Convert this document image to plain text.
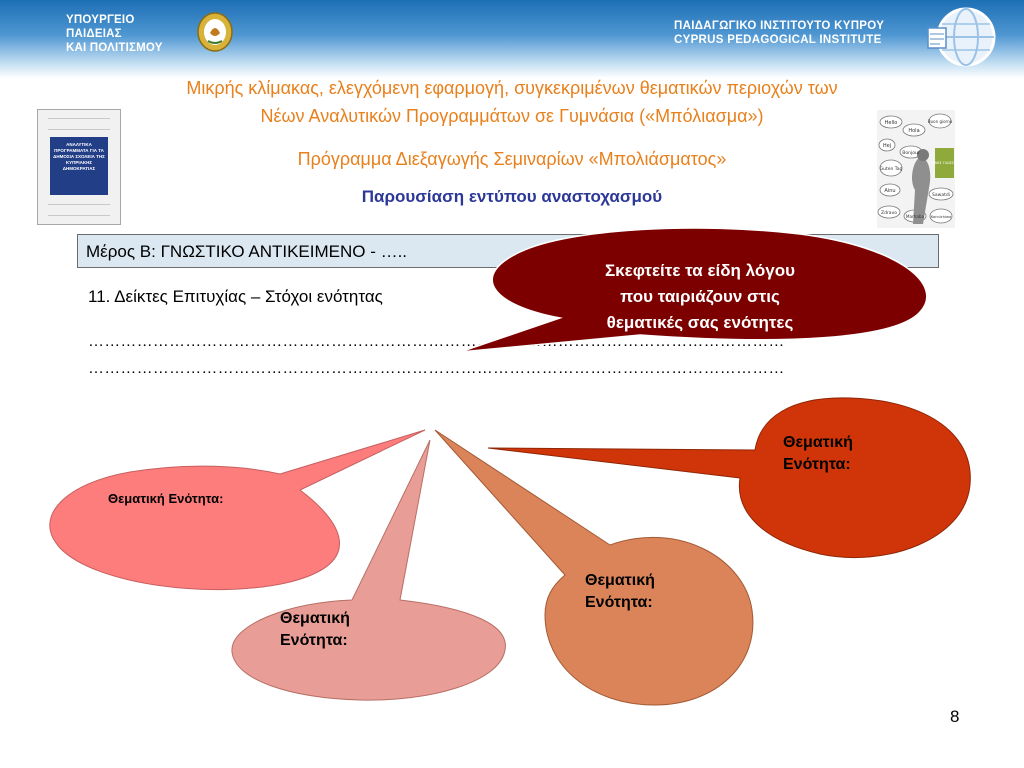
ΥΠΟΥΡΓΕΙΟ ΠΑΙΔΕΙΑΣ
ΚΑΙ ΠΟΛΙΤΙΣΜΟΥ
ΠΑΙΔΑΓΩΓΙΚΟ ΙΝΣΤΙΤΟΥΤΟ ΚΥΠΡΟΥ
CYPRUS PEDAGOGICAL INSTITUTE
Μικρής κλίμακας, ελεγχόμενη εφαρμογή, συγκεκριμένων θεματικών περιοχών των
Νέων Αναλυτικών Προγραμμάτων σε Γυμνάσια («Μπόλιασμα»)
Πρόγραμμα Διεξαγωγής Σεμιναρίων «Μπολιάσματος»
Παρουσίαση εντύπου αναστοχασμού
ΑΝΑΛΥΤΙΚΑ ΠΡΟΓΡΑΜΜΑΤΑ ΓΙΑ ΤΑ ΔΗΜΟΣΙΑ ΣΧΟΛΕΙΑ ΤΗΣ ΚΥΠΡΙΑΚΗΣ ΔΗΜΟΚΡΑΤΙΑΣ
Hello
Hola
Buon giorno
Hej
Bonjour
Guten Tag
Ainu
Sawatdi
Zdravo
Marhaba Konnichiwa
ΞΕΝΕΣ ΓΛΩΣΣΕΣ
Μέρος Β: ΓΝΩΣΤΙΚΟ ΑΝΤΙΚΕΙΜΕΝΟ - …..
11. Δείκτες Επιτυχίας – Στόχοι ενότητας
…………………………………………………………………………………………………………………
…………………………………………………………………………………………………………………
Σκεφτείτε τα είδη λόγου
που ταιριάζουν στις
θεματικές σας ενότητες
Θεματική Ενότητα:
Θεματική
Ενότητα:
Θεματική
Ενότητα:
Θεματική
Ενότητα:
8
